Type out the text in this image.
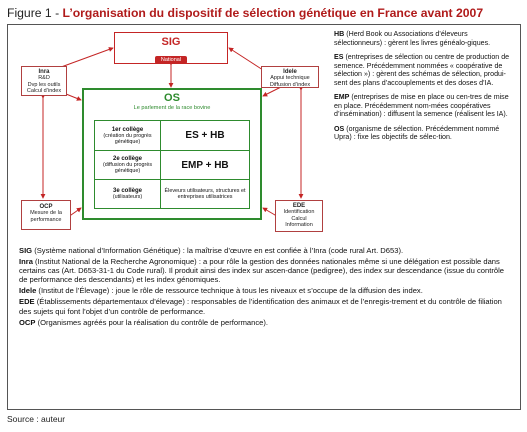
Figure 1 - L’organisation du dispositif de sélection génétique en France avant 2007
SIG
National
Inra
R&D
Dvp les outils
Calcul d’index
Idele
Appui technique
Diffusion d’index
OCP
Mesure de la
performance
EDE
Identification
Calcul
Information
OS
Le parlement de la race bovine
1er collège
(création du progrès génétique)
ES + HB
2e collège
(diffusion du progrès génétique)
EMP + HB
3e collège
(utilisateurs)
Éleveurs utilisateurs, structures et entreprises utilisatrices

HB (Herd Book ou Associations d’éleveurs sélectionneurs) : gèrent les livres généalo-giques.

ES (entreprises de sélection ou centre de production de semence. Précédemment nommées « coopérative de sélection ») : gèrent des schémas de sélection, produi-sent des plans d’accouplements et des doses d’IA.

EMP (entreprises de mise en place ou cen-tres de mise en place. Précédemment nom-mées coopératives d’insémination) : diffusent la semence (réalisent les IA).

OS (organisme de sélection. Précédemment nommé Upra) : fixe les objectifs de sélec-tion.

SIG (Système national d’Information Génétique) : la maîtrise d’œuvre en est confiée à l’Inra (code rural Art. D653).

Inra (Institut National de la Recherche Agronomique) : a pour rôle la gestion des données nationales même si une délégation est possible dans certains cas (Art. D653-31-1 du Code rural). Il produit ainsi des index sur ascen-dance (pedigree), des index sur descendance (issue du contrôle de performance des descendants) et les index génomiques.

Idele (Institut de l’Élevage) : joue le rôle de ressource technique à tous les niveaux et s’occupe de la diffusion des index.

EDE (Établissements départementaux d’élevage) : responsables de l’identification des animaux et de l’enregis-trement et du contrôle de filiation des sujets qui font l’objet d’un contrôle de performance.

OCP (Organismes agréés pour la réalisation du contrôle de performance).

Source : auteur
